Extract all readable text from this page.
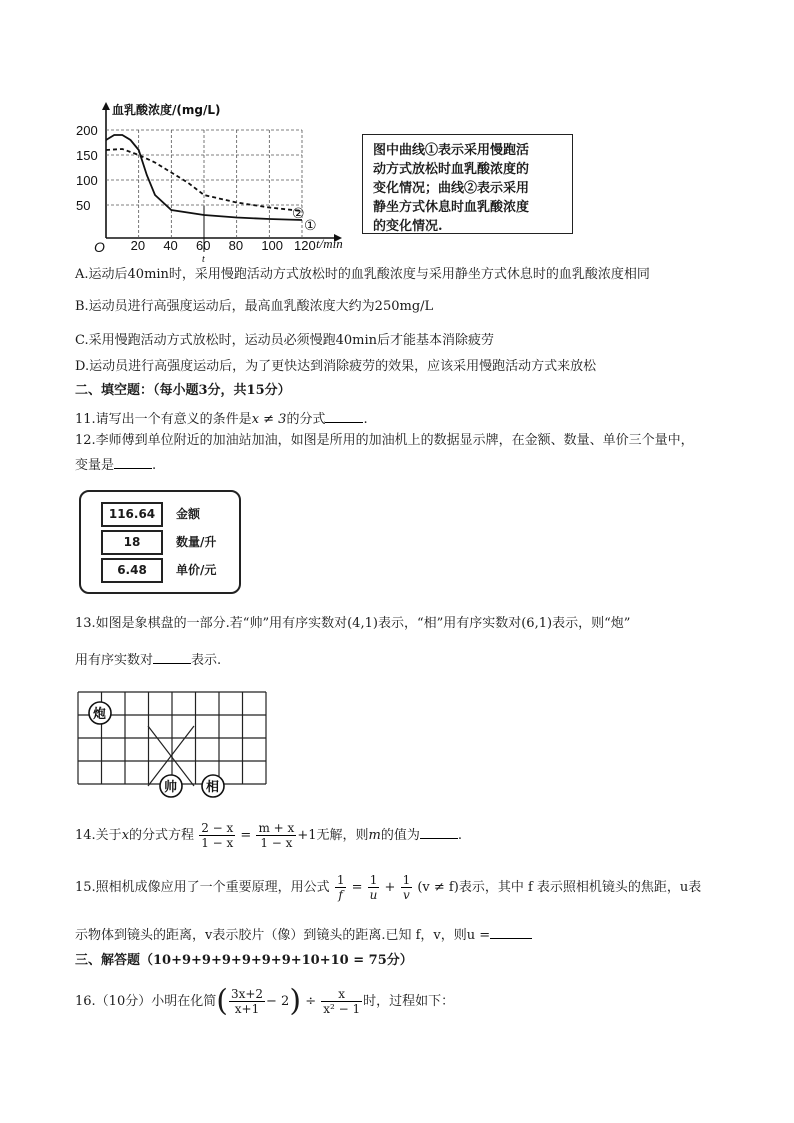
200
150
100
50
20 40 60 80 100 120
O
血乳酸浓度/(mg/L)
t/min
t
②
①
图中曲线①表示采用慢跑活
动方式放松时血乳酸浓度的
变化情况；曲线②表示采用
静坐方式休息时血乳酸浓度
的变化情况.
A.运动后40min时，采用慢跑活动方式放松时的血乳酸浓度与采用静坐方式休息时的血乳酸浓度相同
B.运动员进行高强度运动后，最高血乳酸浓度大约为250mg/L
C.采用慢跑活动方式放松时，运动员必须慢跑40min后才能基本消除疲劳
D.运动员进行高强度运动后，为了更快达到消除疲劳的效果，应该采用慢跑活动方式来放松
二、填空题：（每小题3分，共15分）
11.请写出一个有意义的条件是x ≠ 3的分式	.
12.李师傅到单位附近的加油站加油，如图是所用的加油机上的数据显示牌，在金额、数量、单价三个量中，
变量是	.
116.64	金额
18	数量/升
6.48	单价/元
13.如图是象棋盘的一部分.若“帅”用有序实数对(4,1)表示，“相”用有序实数对(6,1)表示，则“炮”
用有序实数对	表示.
炮
帅 相
14.关于x的分式方程 $\frac{2 - x}{1 - x} = \frac{m + x}{1 - x} +1$无解，则m的值为	.
15.照相机成像应用了一个重要原理，用公式 $\frac{1}{f} = \frac{1}{u} + \frac{1}{v} (v \ne f)$表示，其中 f 表示照相机镜头的焦距，u表
示物体到镜头的距离，v表示胶片（像）到镜头的距离.已知 f，v，则u =
三、解答题（10+9+9+9+9+9+9+10+10 = 75分）
16.（10分）小明在化简( $\frac{3x+2}{x+1} - 2) \div \frac{x}{\text{x² − 1}}$ 时，过程如下：
